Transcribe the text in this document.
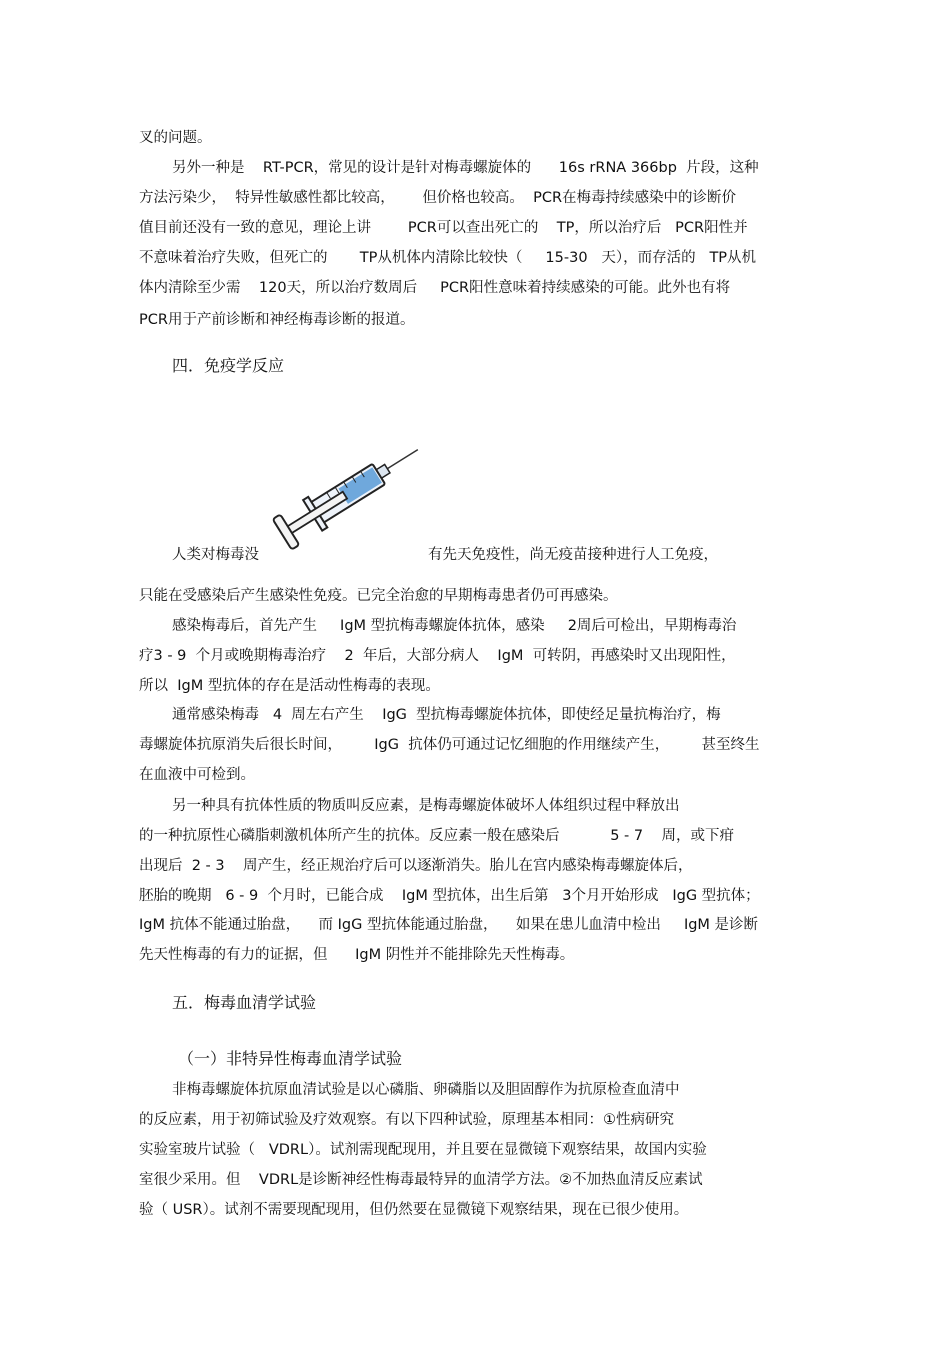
叉的问题。
另外一种是    RT-PCR，常见的设计是针对梅毒螺旋体的      16s rRNA 366bp  片段，这种
方法污染少，  特异性敏感性都比较高，      但价格也较高。  PCR在梅毒持续感染中的诊断价
值目前还没有一致的意见，理论上讲        PCR可以查出死亡的    TP，所以治疗后   PCR阳性并
不意味着治疗失败，但死亡的       TP从机体内清除比较快（     15-30   天），而存活的   TP从机
体内清除至少需    120天，所以治疗数周后     PCR阳性意味着持续感染的可能。此外也有将
PCR用于产前诊断和神经梅毒诊断的报道。
四．免疫学反应
人类对梅毒没	有先天免疫性，尚无疫苗接种进行人工免疫，
只能在受感染后产生感染性免疫。已完全治愈的早期梅毒患者仍可再感染。
感染梅毒后，首先产生     IgM 型抗梅毒螺旋体抗体，感染     2周后可检出，早期梅毒治
疗3 - 9  个月或晚期梅毒治疗    2  年后，大部分病人    IgM  可转阴，再感染时又出现阳性，
所以  IgM 型抗体的存在是活动性梅毒的表现。
通常感染梅毒   4  周左右产生    IgG  型抗梅毒螺旋体抗体，即使经足量抗梅治疗，梅
毒螺旋体抗原消失后很长时间，       IgG  抗体仍可通过记忆细胞的作用继续产生，       甚至终生
在血液中可检到。
另一种具有抗体性质的物质叫反应素，是梅毒螺旋体破坏人体组织过程中释放出
的一种抗原性心磷脂刺激机体所产生的抗体。反应素一般在感染后           5 - 7    周，或下疳
出现后  2 - 3    周产生，经正规治疗后可以逐渐消失。胎儿在宫内感染梅毒螺旋体后，
胚胎的晚期   6 - 9  个月时，已能合成    IgM 型抗体，出生后第   3个月开始形成   IgG 型抗体；
IgM 抗体不能通过胎盘，    而 IgG 型抗体能通过胎盘，    如果在患儿血清中检出     IgM 是诊断
先天性梅毒的有力的证据，但      IgM 阴性并不能排除先天性梅毒。
五．梅毒血清学试验
（一）非特异性梅毒血清学试验
非梅毒螺旋体抗原血清试验是以心磷脂、卵磷脂以及胆固醇作为抗原检查血清中
的反应素，用于初筛试验及疗效观察。有以下四种试验，原理基本相同：①性病研究
实验室玻片试验（   VDRL）。试剂需现配现用，并且要在显微镜下观察结果，故国内实验
室很少采用。但    VDRL是诊断神经性梅毒最特异的血清学方法。②不加热血清反应素试
验（ USR）。试剂不需要现配现用，但仍然要在显微镜下观察结果，现在已很少使用。
